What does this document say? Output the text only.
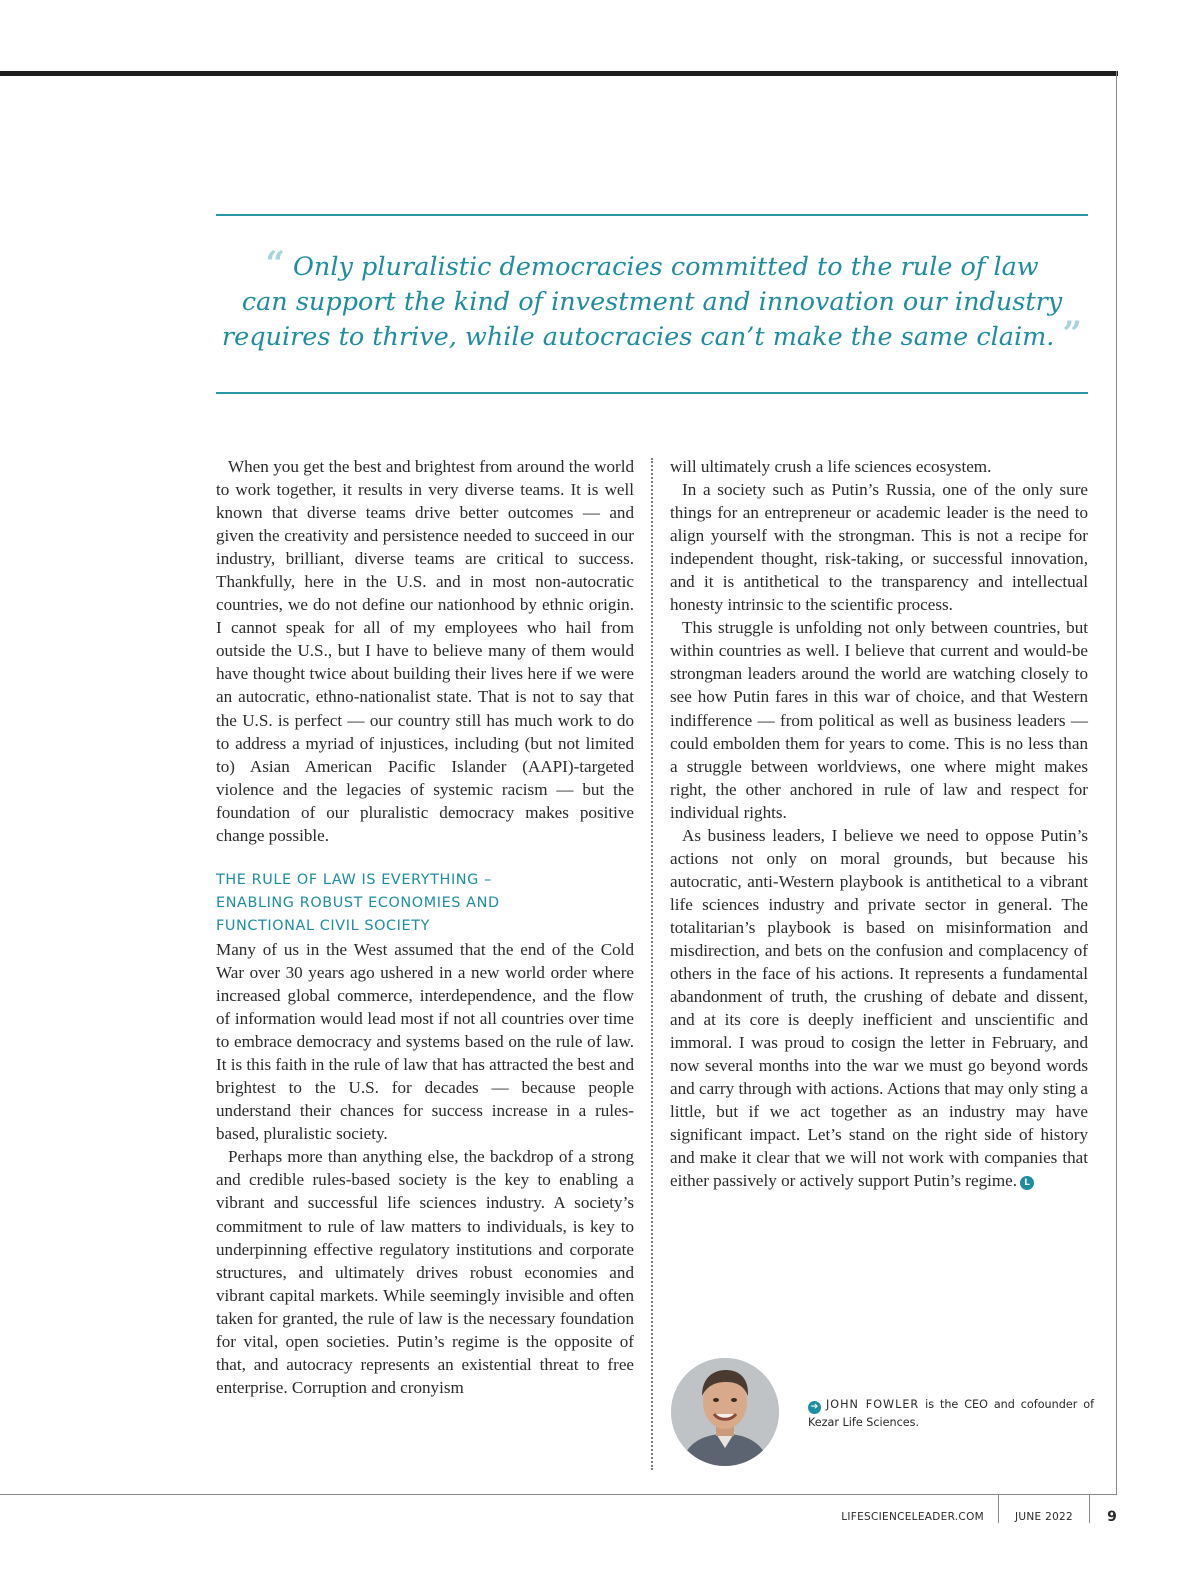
“ Only pluralistic democracies committed to the rule of law
can support the kind of investment and innovation our industry
requires to thrive, while autocracies can’t make the same claim. ”

When you get the best and brightest from around the world to work together, it results in very diverse teams. It is well known that diverse teams drive better outcomes — and given the creativity and persistence needed to succeed in our industry, brilliant, diverse teams are critical to success. Thankfully, here in the U.S. and in most non-autocratic countries, we do not define our nationhood by ethnic origin. I cannot speak for all of my employees who hail from outside the U.S., but I have to believe many of them would have thought twice about building their lives here if we were an autocratic, ethno-nationalist state. That is not to say that the U.S. is perfect — our country still has much work to do to address a myriad of injustices, including (but not limited to) Asian American Pacific Islander (AAPI)-targeted violence and the legacies of systemic racism — but the foundation of our pluralistic democracy makes positive change possible.

THE RULE OF LAW IS EVERYTHING –
ENABLING ROBUST ECONOMIES AND
FUNCTIONAL CIVIL SOCIETY

Many of us in the West assumed that the end of the Cold War over 30 years ago ushered in a new world order where increased global commerce, interdependence, and the flow of information would lead most if not all countries over time to embrace democracy and systems based on the rule of law. It is this faith in the rule of law that has attracted the best and brightest to the U.S. for decades — because people understand their chances for success increase in a rules-based, pluralistic society.

Perhaps more than anything else, the backdrop of a strong and credible rules-based society is the key to enabling a vibrant and successful life sciences industry. A society’s commitment to rule of law matters to individuals, is key to underpinning effective regulatory institutions and corporate structures, and ultimately drives robust economies and vibrant capital markets. While seemingly invisible and often taken for granted, the rule of law is the necessary foundation for vital, open societies. Putin’s regime is the opposite of that, and autocracy represents an existential threat to free enterprise. Corruption and cronyism

will ultimately crush a life sciences ecosystem.

In a society such as Putin’s Russia, one of the only sure things for an entrepreneur or academic leader is the need to align yourself with the strongman. This is not a recipe for independent thought, risk-taking, or successful innovation, and it is antithetical to the transparency and intellectual honesty intrinsic to the scientific process.

This struggle is unfolding not only between countries, but within countries as well. I believe that current and would-be strongman leaders around the world are watching closely to see how Putin fares in this war of choice, and that Western indifference — from political as well as business leaders — could embolden them for years to come. This is no less than a struggle between worldviews, one where might makes right, the other anchored in rule of law and respect for individual rights.

As business leaders, I believe we need to oppose Putin’s actions not only on moral grounds, but because his autocratic, anti-Western playbook is antithetical to a vibrant life sciences industry and private sector in general. The totalitarian’s playbook is based on misinformation and misdirection, and bets on the confusion and complacency of others in the face of his actions. It represents a fundamental abandonment of truth, the crushing of debate and dissent, and at its core is deeply inefficient and unscientific and immoral. I was proud to cosign the letter in February, and now several months into the war we must go beyond words and carry through with actions. Actions that may only sting a little, but if we act together as an industry may have significant impact. Let’s stand on the right side of history and make it clear that we will not work with companies that either passively or actively support Putin’s regime. L

➔ JOHN FOWLER is the CEO and cofounder of Kezar Life Sciences.
LIFESCIENCELEADER.COM	JUNE 2022	9
